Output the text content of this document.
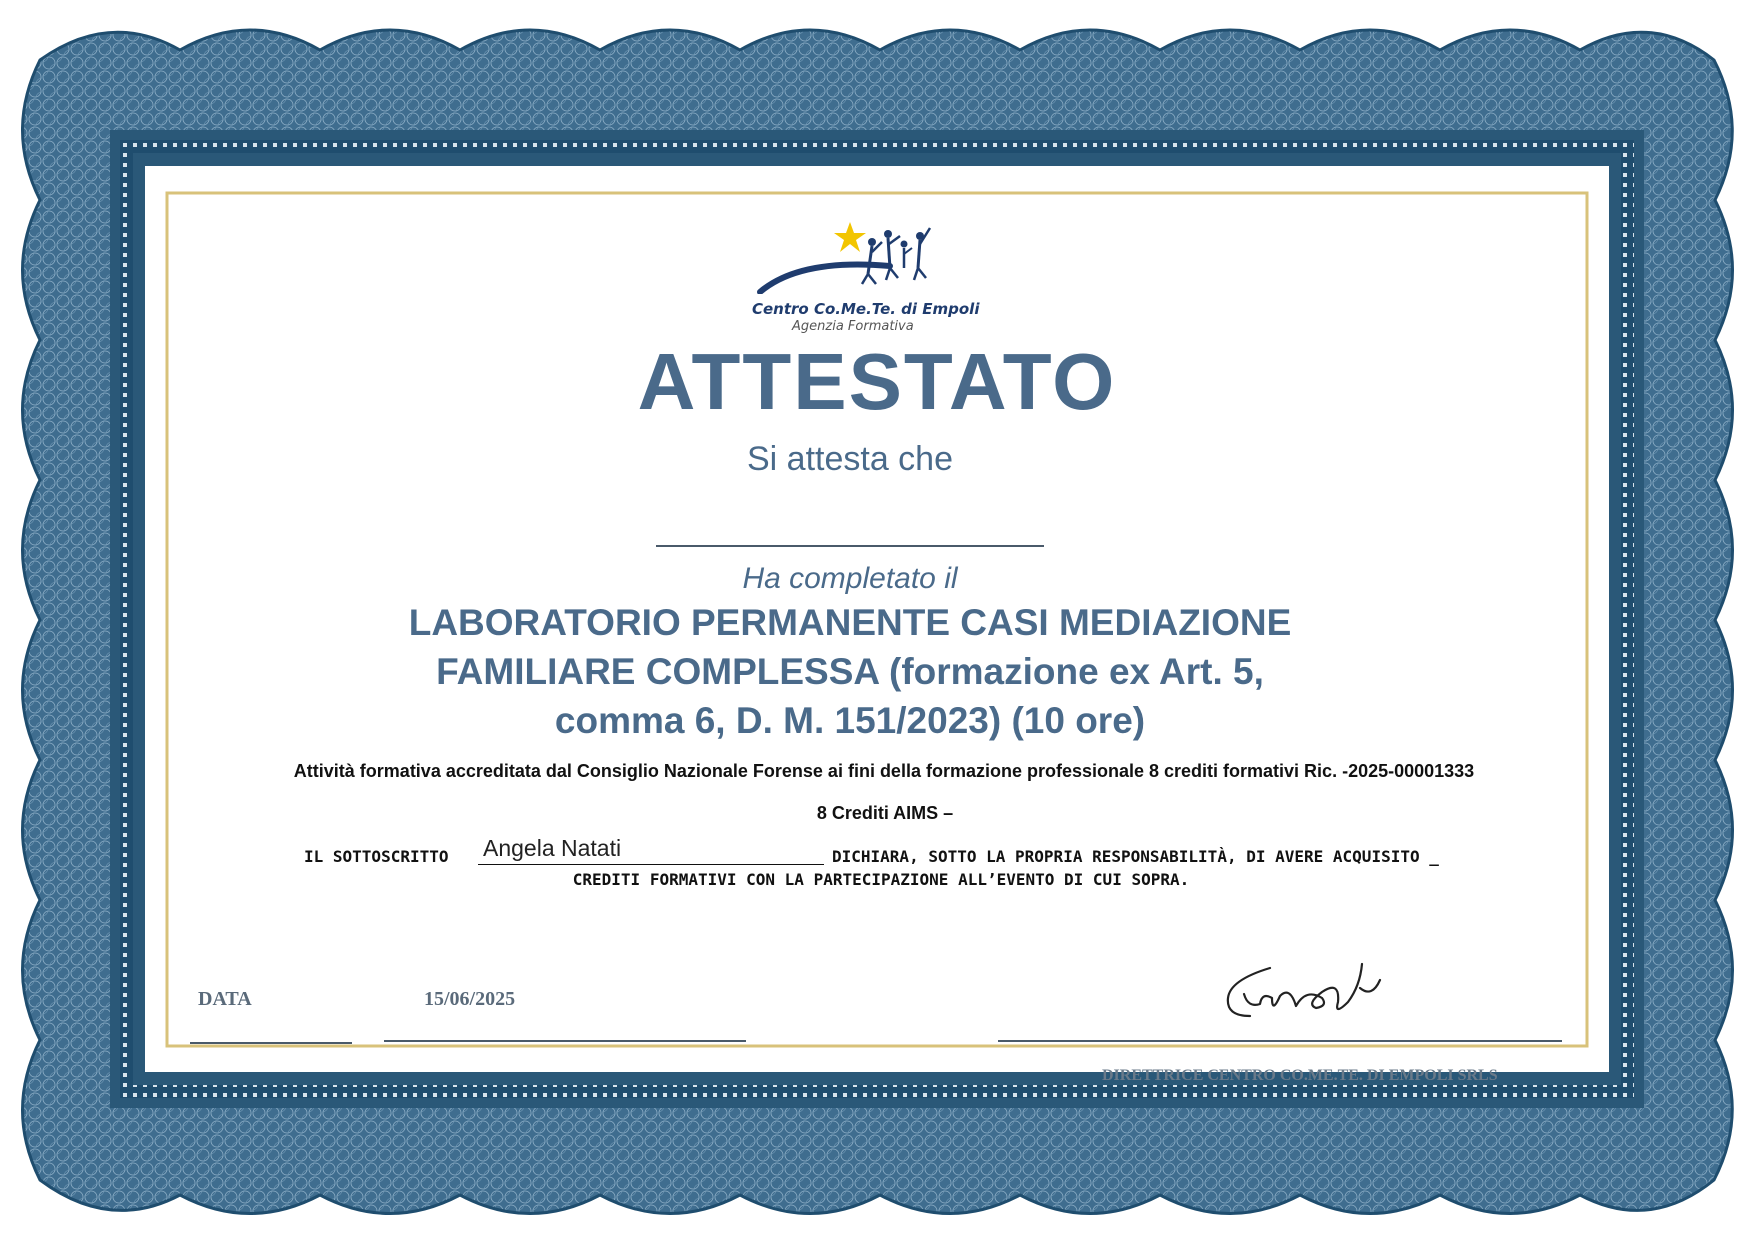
Centro Co.Me.Te. di Empoli
Agenzia Formativa
ATTESTATO
Si attesta che
Ha completato il
LABORATORIO PERMANENTE CASI MEDIAZIONE
FAMILIARE COMPLESSA (formazione ex Art. 5,
comma 6, D. M. 151/2023) (10 ore)
Attività formativa accreditata dal Consiglio Nazionale Forense ai fini della formazione professionale 8 crediti formativi Ric. -2025-00001333
8 Crediti AIMS –
IL SOTTOSCRITTO Angela Natati	DICHIARA, SOTTO LA PROPRIA RESPONSABILITÀ, DI AVERE ACQUISITO _
CREDITI FORMATIVI CON LA PARTECIPAZIONE ALL’EVENTO DI CUI SOPRA.
DATA	15/06/2025
DIRETTRICE CENTRO CO.ME.TE. DI EMPOLI SRLS
